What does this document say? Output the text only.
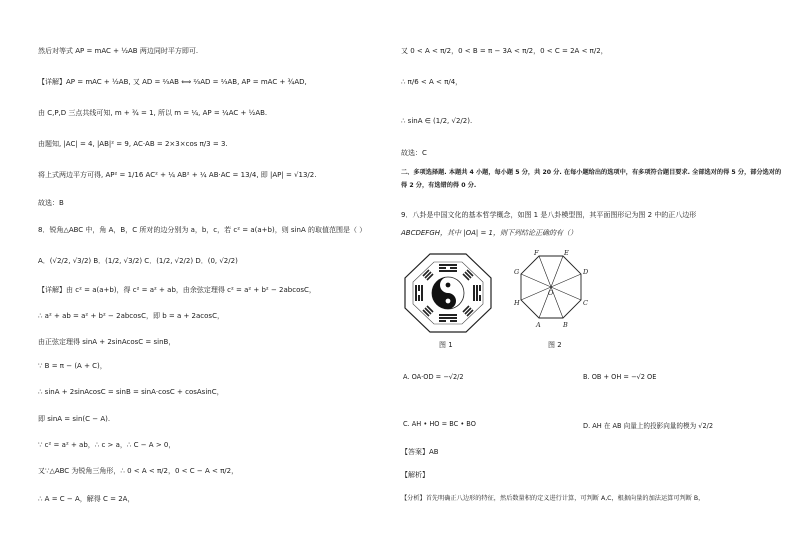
然后对等式 AP = mAC + ½AB 两边同时平方即可.
【详解】AP = mAC + ½AB, 又 AD = ⅔AB ⟺ ⅔AD = ⅔AB, AP = mAC + ¾AD,
由 C,P,D 三点共线可知, m + ¾ = 1, 所以 m = ¼, AP = ¼AC + ½AB.
由题知, |AC| = 4, |AB|² = 9, AC·AB = 2×3×cos π/3 = 3.
将上式两边平方可得, AP² = 1/16 AC² + ¼ AB² + ¼ AB·AC = 13/4, 即 |AP| = √13/2.
故选：B
8．锐角△ABC 中，角 A，B，C 所对的边分别为 a，b，c，若 c² = a(a+b)，则 sinA 的取值范围是（ ）
A．(√2/2, √3/2) B．(1/2, √3/2) C．(1/2, √2/2) D．(0, √2/2)
【详解】由 c² = a(a+b)，得 c² = a² + ab，由余弦定理得 c² = a² + b² − 2abcosC，
∴ a² + ab = a² + b² − 2abcosC，即 b = a + 2acosC，
由正弦定理得 sinA + 2sinAcosC = sinB，
∵ B = π − (A + C)，
∴ sinA + 2sinAcosC = sinB = sinA·cosC + cosAsinC，
即 sinA = sin(C − A).
∵ c² = a² + ab，∴ c > a，∴ C − A > 0，
又∵△ABC 为锐角三角形，∴ 0 < A < π/2，0 < C − A < π/2，
∴ A = C − A，解得 C = 2A，
又 0 < A < π/2，0 < B = π − 3A < π/2，0 < C = 2A < π/2，
∴ π/6 < A < π/4，
∴ sinA ∈ (1/2, √2/2).
故选：C
二、多项选择题. 本题共 4 小题，每小题 5 分，共 20 分. 在每小题给出的选项中，有多项符合题目要求. 全部选对的得 5 分，部分选对的得 2 分，有选错的得 0 分.
9．八卦是中国文化的基本哲学概念，如图 1 是八卦模型图，其平面图形记为图 2 中的正八边形
ABCDEFGH，其中 |OA| = 1，则下列结论正确的有（）
图 1
A	B
C
D
E
F
G
H
O
图 2
A. OA·OD = −√2/2	B. OB + OH = −√2 OE
C. AH • HO = BC • BO	D. AH 在 AB 向量上的投影向量的模为 √2/2
【答案】AB
【解析】
【分析】首先明确正八边形的特征，然后数量积的定义进行计算，可判断 A,C，根据向量的加法运算可判断 B，
